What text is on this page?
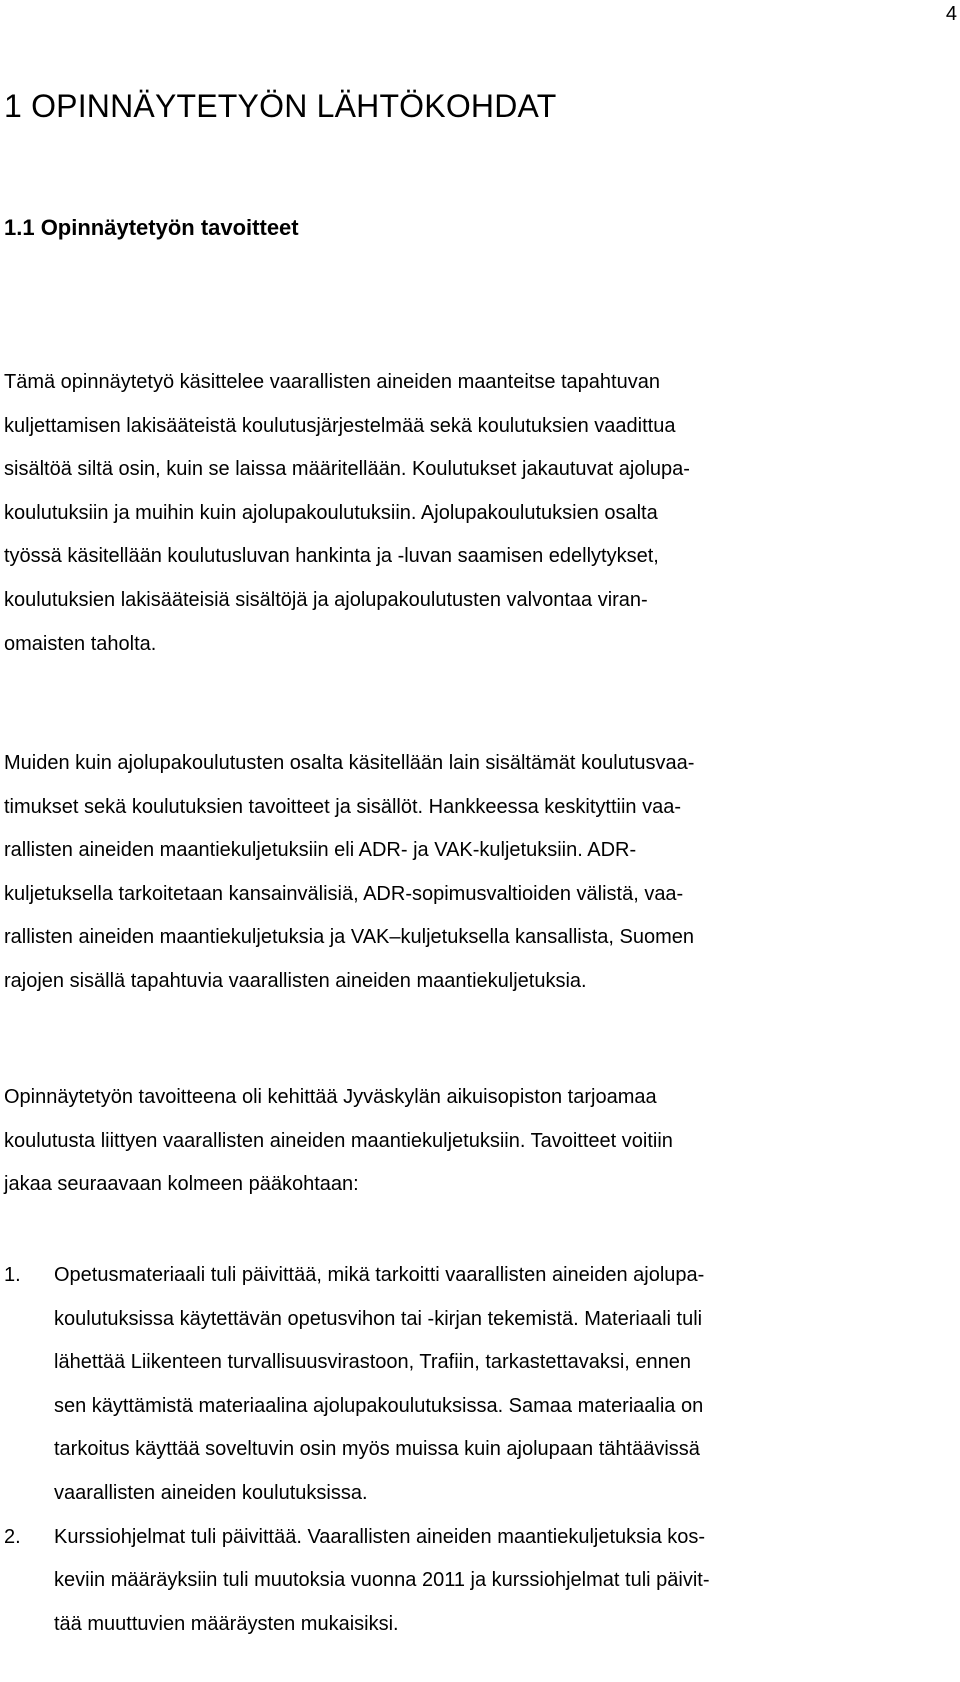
4
1 OPINNÄYTETYÖN LÄHTÖKOHDAT
1.1 Opinnäytetyön tavoitteet

Tämä opinnäytetyö käsittelee vaarallisten aineiden maanteitse tapahtuvan
kuljettamisen lakisääteistä koulutusjärjestelmää sekä koulutuksien vaadittua
sisältöä siltä osin, kuin se laissa määritellään. Koulutukset jakautuvat ajolupa-
koulutuksiin ja muihin kuin ajolupakoulutuksiin. Ajolupakoulutuksien osalta
työssä käsitellään koulutusluvan hankinta ja -luvan saamisen edellytykset,
koulutuksien lakisääteisiä sisältöjä ja ajolupakoulutusten valvontaa viran-
omaisten taholta.

Muiden kuin ajolupakoulutusten osalta käsitellään lain sisältämät koulutusvaa-
timukset sekä koulutuksien tavoitteet ja sisällöt. Hankkeessa keskityttiin vaa-
rallisten aineiden maantiekuljetuksiin eli ADR- ja VAK-kuljetuksiin. ADR-
kuljetuksella tarkoitetaan kansainvälisiä, ADR-sopimusvaltioiden välistä, vaa-
rallisten aineiden maantiekuljetuksia ja VAK–kuljetuksella kansallista, Suomen
rajojen sisällä tapahtuvia vaarallisten aineiden maantiekuljetuksia.

Opinnäytetyön tavoitteena oli kehittää Jyväskylän aikuisopiston tarjoamaa
koulutusta liittyen vaarallisten aineiden maantiekuljetuksiin. Tavoitteet voitiin
jakaa seuraavaan kolmeen pääkohtaan:

1. Opetusmateriaali tuli päivittää, mikä tarkoitti vaarallisten aineiden ajolupa-
koulutuksissa käytettävän opetusvihon tai -kirjan tekemistä. Materiaali tuli
lähettää Liikenteen turvallisuusvirastoon, Trafiin, tarkastettavaksi, ennen
sen käyttämistä materiaalina ajolupakoulutuksissa. Samaa materiaalia on
tarkoitus käyttää soveltuvin osin myös muissa kuin ajolupaan tähtäävissä
vaarallisten aineiden koulutuksissa.
2. Kurssiohjelmat tuli päivittää. Vaarallisten aineiden maantiekuljetuksia kos-
keviin määräyksiin tuli muutoksia vuonna 2011 ja kurssiohjelmat tuli päivit-
tää muuttuvien määräysten mukaisiksi.
